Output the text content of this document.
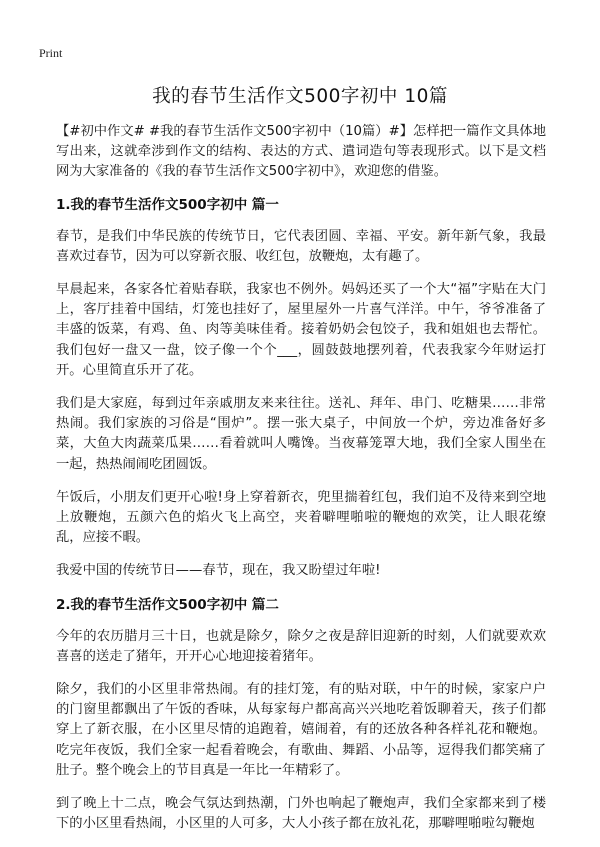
Print
我的春节生活作文500字初中 10篇

【#初中作文# #我的春节生活作文500字初中（10篇）#】怎样把一篇作文具体地写出来，这就牵涉到作文的结构、表达的方式、遣词造句等表现形式。以下是文档网为大家准备的《我的春节生活作文500字初中》，欢迎您的借鉴。

1.我的春节生活作文500字初中 篇一

春节，是我们中华民族的传统节日，它代表团圆、幸福、平安。新年新气象，我最喜欢过春节，因为可以穿新衣服、收红包，放鞭炮，太有趣了。

早晨起来，各家各忙着贴春联，我家也不例外。妈妈还买了一个大“福”字贴在大门上，客厅挂着中国结，灯笼也挂好了，屋里屋外一片喜气洋洋。中午，爷爷准备了丰盛的饭菜，有鸡、鱼、肉等美味佳肴。接着奶奶会包饺子，我和姐姐也去帮忙。我们包好一盘又一盘，饺子像一个个___，圆鼓鼓地摆列着，代表我家今年财运打开。心里简直乐开了花。

我们是大家庭，每到过年亲戚朋友来来往往。送礼、拜年、串门、吃糖果……非常热闹。我们家族的习俗是“围炉”。摆一张大桌子，中间放一个炉，旁边准备好多菜，大鱼大肉蔬菜瓜果……看着就叫人嘴馋。当夜幕笼罩大地，我们全家人围坐在一起，热热闹闹吃团圆饭。

午饭后，小朋友们更开心啦!身上穿着新衣，兜里揣着红包，我们迫不及待来到空地上放鞭炮，五颜六色的焰火飞上高空，夹着噼哩啪啦的鞭炮的欢笑，让人眼花缭乱，应接不暇。

我爱中国的传统节日——春节，现在，我又盼望过年啦!

2.我的春节生活作文500字初中 篇二

今年的农历腊月三十日，也就是除夕，除夕之夜是辞旧迎新的时刻，人们就要欢欢喜喜的送走了猪年，开开心心地迎接着猪年。

除夕，我们的小区里非常热闹。有的挂灯笼，有的贴对联，中午的时候，家家户户的门窗里都飘出了午饭的香味，从每家每户都高高兴兴地吃着饭聊着天，孩子们都穿上了新衣服，在小区里尽情的追跑着，嬉闹着，有的还放各种各样礼花和鞭炮。吃完年夜饭，我们全家一起看着晚会，有歌曲、舞蹈、小品等，逗得我们都笑痛了肚子。整个晚会上的节目真是一年比一年精彩了。

到了晚上十二点，晚会气氛达到热潮，门外也响起了鞭炮声，我们全家都来到了楼下的小区里看热闹，小区里的人可多，大人小孩子都在放礼花，那噼哩啪啦勾鞭炮
